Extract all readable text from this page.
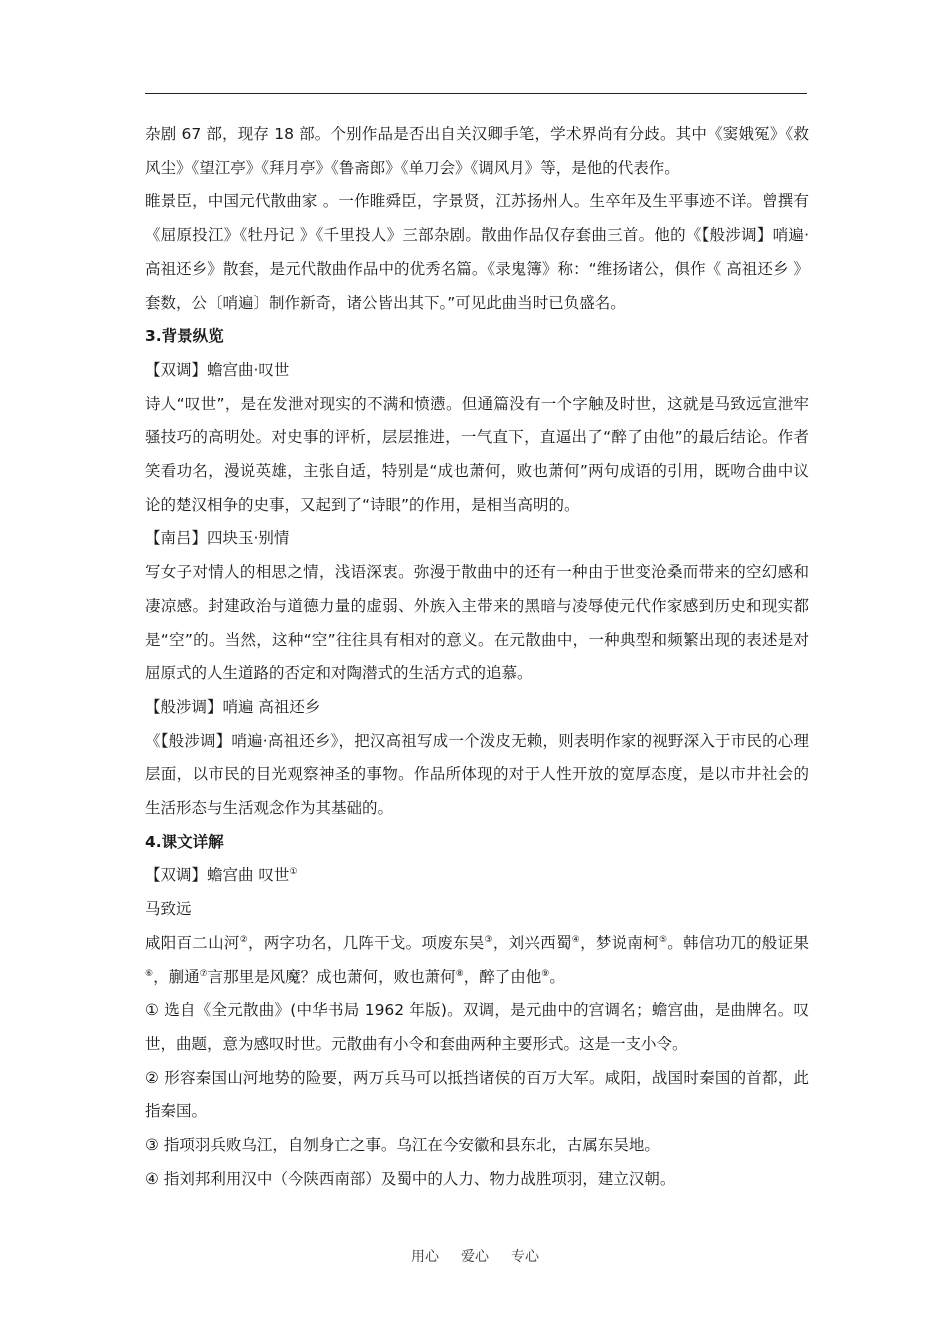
杂剧 67 部，现存 18 部。个别作品是否出自关汉卿手笔，学术界尚有分歧。其中《窦娥冤》《救风尘》《望江亭》《拜月亭》《鲁斋郎》《单刀会》《调风月》等，是他的代表作。

睢景臣，中国元代散曲家 。一作睢舜臣，字景贤，江苏扬州人。生卒年及生平事迹不详。曾撰有《屈原投江》《牡丹记 》《千里投人》三部杂剧。散曲作品仅存套曲三首。他的《【般涉调】哨遍·高祖还乡》散套，是元代散曲作品中的优秀名篇。《录鬼簿》称：“维扬诸公，俱作《 高祖还乡 》套数，公〔哨遍〕制作新奇，诸公皆出其下。”可见此曲当时已负盛名。

3.背景纵览

【双调】蟾宫曲·叹世

诗人“叹世”，是在发泄对现实的不满和愤懑。但通篇没有一个字触及时世，这就是马致远宣泄牢骚技巧的高明处。对史事的评析，层层推进，一气直下，直逼出了“醉了由他”的最后结论。作者笑看功名，漫说英雄，主张自适，特别是“成也萧何，败也萧何”两句成语的引用，既吻合曲中议论的楚汉相争的史事，又起到了“诗眼”的作用，是相当高明的。

【南吕】四块玉·别情

写女子对情人的相思之情，浅语深衷。弥漫于散曲中的还有一种由于世变沧桑而带来的空幻感和凄凉感。封建政治与道德力量的虚弱、外族入主带来的黑暗与凌辱使元代作家感到历史和现实都是“空”的。当然，这种“空”往往具有相对的意义。在元散曲中，一种典型和频繁出现的表述是对屈原式的人生道路的否定和对陶潜式的生活方式的追慕。

【般涉调】哨遍 高祖还乡

《【般涉调】哨遍·高祖还乡》，把汉高祖写成一个泼皮无赖，则表明作家的视野深入于市民的心理层面，以市民的目光观察神圣的事物。作品所体现的对于人性开放的宽厚态度，是以市井社会的生活形态与生活观念作为其基础的。

4.课文详解

【双调】蟾宫曲 叹世①

马致远

咸阳百二山河②，两字功名，几阵干戈。项废东吴③，刘兴西蜀④，梦说南柯⑤。韩信功兀的般证果⑥，蒯通⑦言那里是风魔？成也萧何，败也萧何⑧，醉了由他⑨。

① 选自《全元散曲》(中华书局 1962 年版)。双调，是元曲中的宫调名；蟾宫曲，是曲牌名。叹世，曲题，意为感叹时世。元散曲有小令和套曲两种主要形式。这是一支小令。

② 形容秦国山河地势的险要，两万兵马可以抵挡诸侯的百万大军。咸阳，战国时秦国的首都，此指秦国。

③ 指项羽兵败乌江，自刎身亡之事。乌江在今安徽和县东北，古属东吴地。

④ 指刘邦利用汉中（今陕西南部）及蜀中的人力、物力战胜项羽，建立汉朝。

用心 爱心 专心
